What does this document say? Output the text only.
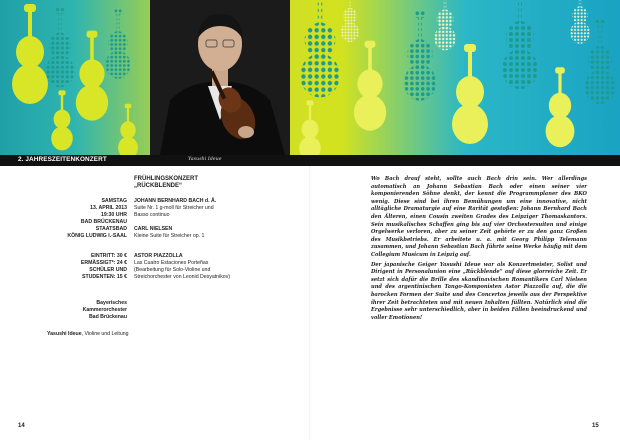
2. JAHRESZEITENKONZERT	Yasushi Ideue
FRÜHLINGSKONZERT
„RÜCKBLENDE“
SAMSTAG
13. APRIL 2013
19:30 UHR
BAD BRÜCKENAU
STAATSBAD
KÖNIG LUDWIG I.-SAAL
EINTRITT: 30 €
ERMÄSSIGT*: 24 €
SCHÜLER UND
STUDENTEN: 15 €
JOHANN BERNHARD BACH d. Ä.
Suite Nr. 1 g-moll für Streicher und
Basso continuo
CARL NIELSEN
Kleine Suite für Streicher op. 1
ASTOR PIAZZOLLA
Las Cuatro Estaciones Porteñas
(Bearbeitung für Solo-Violine und
Streichorchester von Leonid Desyatnikov)
Bayerisches
Kammerorchester
Bad Brückenau
Yasushi Ideue, Violine und Leitung

Wo Bach drauf steht, sollte auch Bach drin sein. Wer allerdings automatisch an Johann Sebastian Bach oder einen seiner vier komponierenden Söhne denkt, der kennt die Programmplaner des BKO wenig. Diese sind bei ihren Bemühungen um eine innovative, nicht alltägliche Dramaturgie auf eine Rarität gestoßen: Johann Bernhard Bach den Älteren, einen Cousin zweiten Grades des Leipziger Thomaskantors. Sein musikalisches Schaffen ging bis auf vier Orchestersuiten und einige Orgelwerke verloren, aber zu seiner Zeit gehörte er zu den ganz Großen des Musikbetriebs. Er arbeitete u. a. mit Georg Philipp Telemann zusammen, und Johann Sebastian Bach führte seine Werke häufig mit dem Collegium Musicum in Leipzig auf.

Der japanische Geiger Yasushi Ideue war als Konzertmeister, Solist und Dirigent in Personalunion eine „Rückblende“ auf diese glorreiche Zeit. Er setzt sich dafür die Brille des skandinavischen Romantikers Carl Nielsen und des argentinischen Tango-Komponisten Astor Piazzolla auf, die die barocken Formen der Suite und des Concertos jeweils aus der Perspektive ihrer Zeit betrachteten und mit neuen Inhalten füllten. Natürlich sind die Ergebnisse sehr unterschiedlich, aber in beiden Fällen beeindruckend und voller Emotionen!

14	15
